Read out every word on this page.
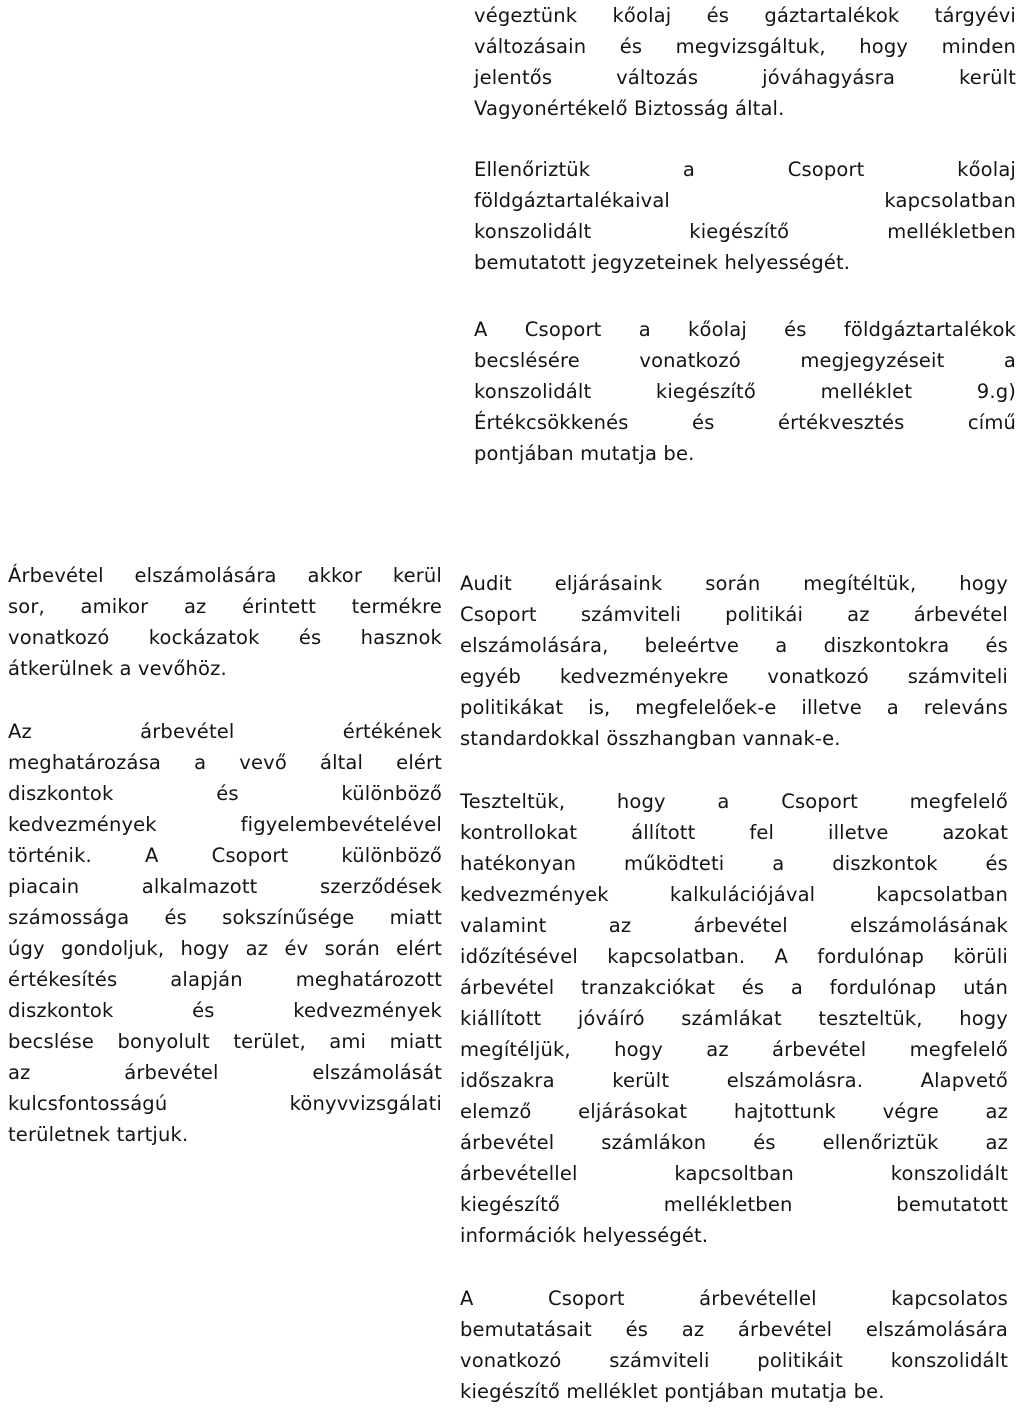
végeztünk kőolaj és gáztartalékok tárgyévi
változásain és megvizsgáltuk, hogy minden
jelentős változás jóváhagyásra került
Vagyonértékelő Biztosság által.

Ellenőriztük a Csoport kőolaj
földgáztartalékaival kapcsolatban
konszolidált kiegészítő mellékletben
bemutatott jegyzeteinek helyességét.

A Csoport a kőolaj és földgáztartalékok
becslésére vonatkozó megjegyzéseit a
konszolidált kiegészítő melléklet 9.g)
Értékcsökkenés és értékvesztés című
pontjában mutatja be.

Árbevétel elszámolására akkor kerül
sor, amikor az érintett termékre
vonatkozó kockázatok és hasznok
átkerülnek a vevőhöz.

Az árbevétel értékének
meghatározása a vevő által elért
diszkontok és különböző
kedvezmények figyelembevételével
történik. A Csoport különböző
piacain alkalmazott szerződések
számossága és sokszínűsége miatt
úgy gondoljuk, hogy az év során elért
értékesítés alapján meghatározott
diszkontok és kedvezmények
becslése bonyolult terület, ami miatt
az árbevétel elszámolását
kulcsfontosságú könyvvizsgálati
területnek tartjuk.

Audit eljárásaink során megítéltük, hogy
Csoport számviteli politikái az árbevétel
elszámolására, beleértve a diszkontokra és
egyéb kedvezményekre vonatkozó számviteli
politikákat is, megfelelőek-e illetve a releváns
standardokkal összhangban vannak-e.

Teszteltük, hogy a Csoport megfelelő
kontrollokat állított fel illetve azokat
hatékonyan működteti a diszkontok és
kedvezmények kalkulációjával kapcsolatban
valamint az árbevétel elszámolásának
időzítésével kapcsolatban. A fordulónap körüli
árbevétel tranzakciókat és a fordulónap után
kiállított jóváíró számlákat teszteltük, hogy
megítéljük, hogy az árbevétel megfelelő
időszakra került elszámolásra. Alapvető
elemző eljárásokat hajtottunk végre az
árbevétel számlákon és ellenőriztük az
árbevétellel kapcsoltban konszolidált
kiegészítő mellékletben bemutatott
információk helyességét.

A Csoport árbevétellel kapcsolatos
bemutatásait és az árbevétel elszámolására
vonatkozó számviteli politikáit konszolidált
kiegészítő melléklet pontjában mutatja be.
